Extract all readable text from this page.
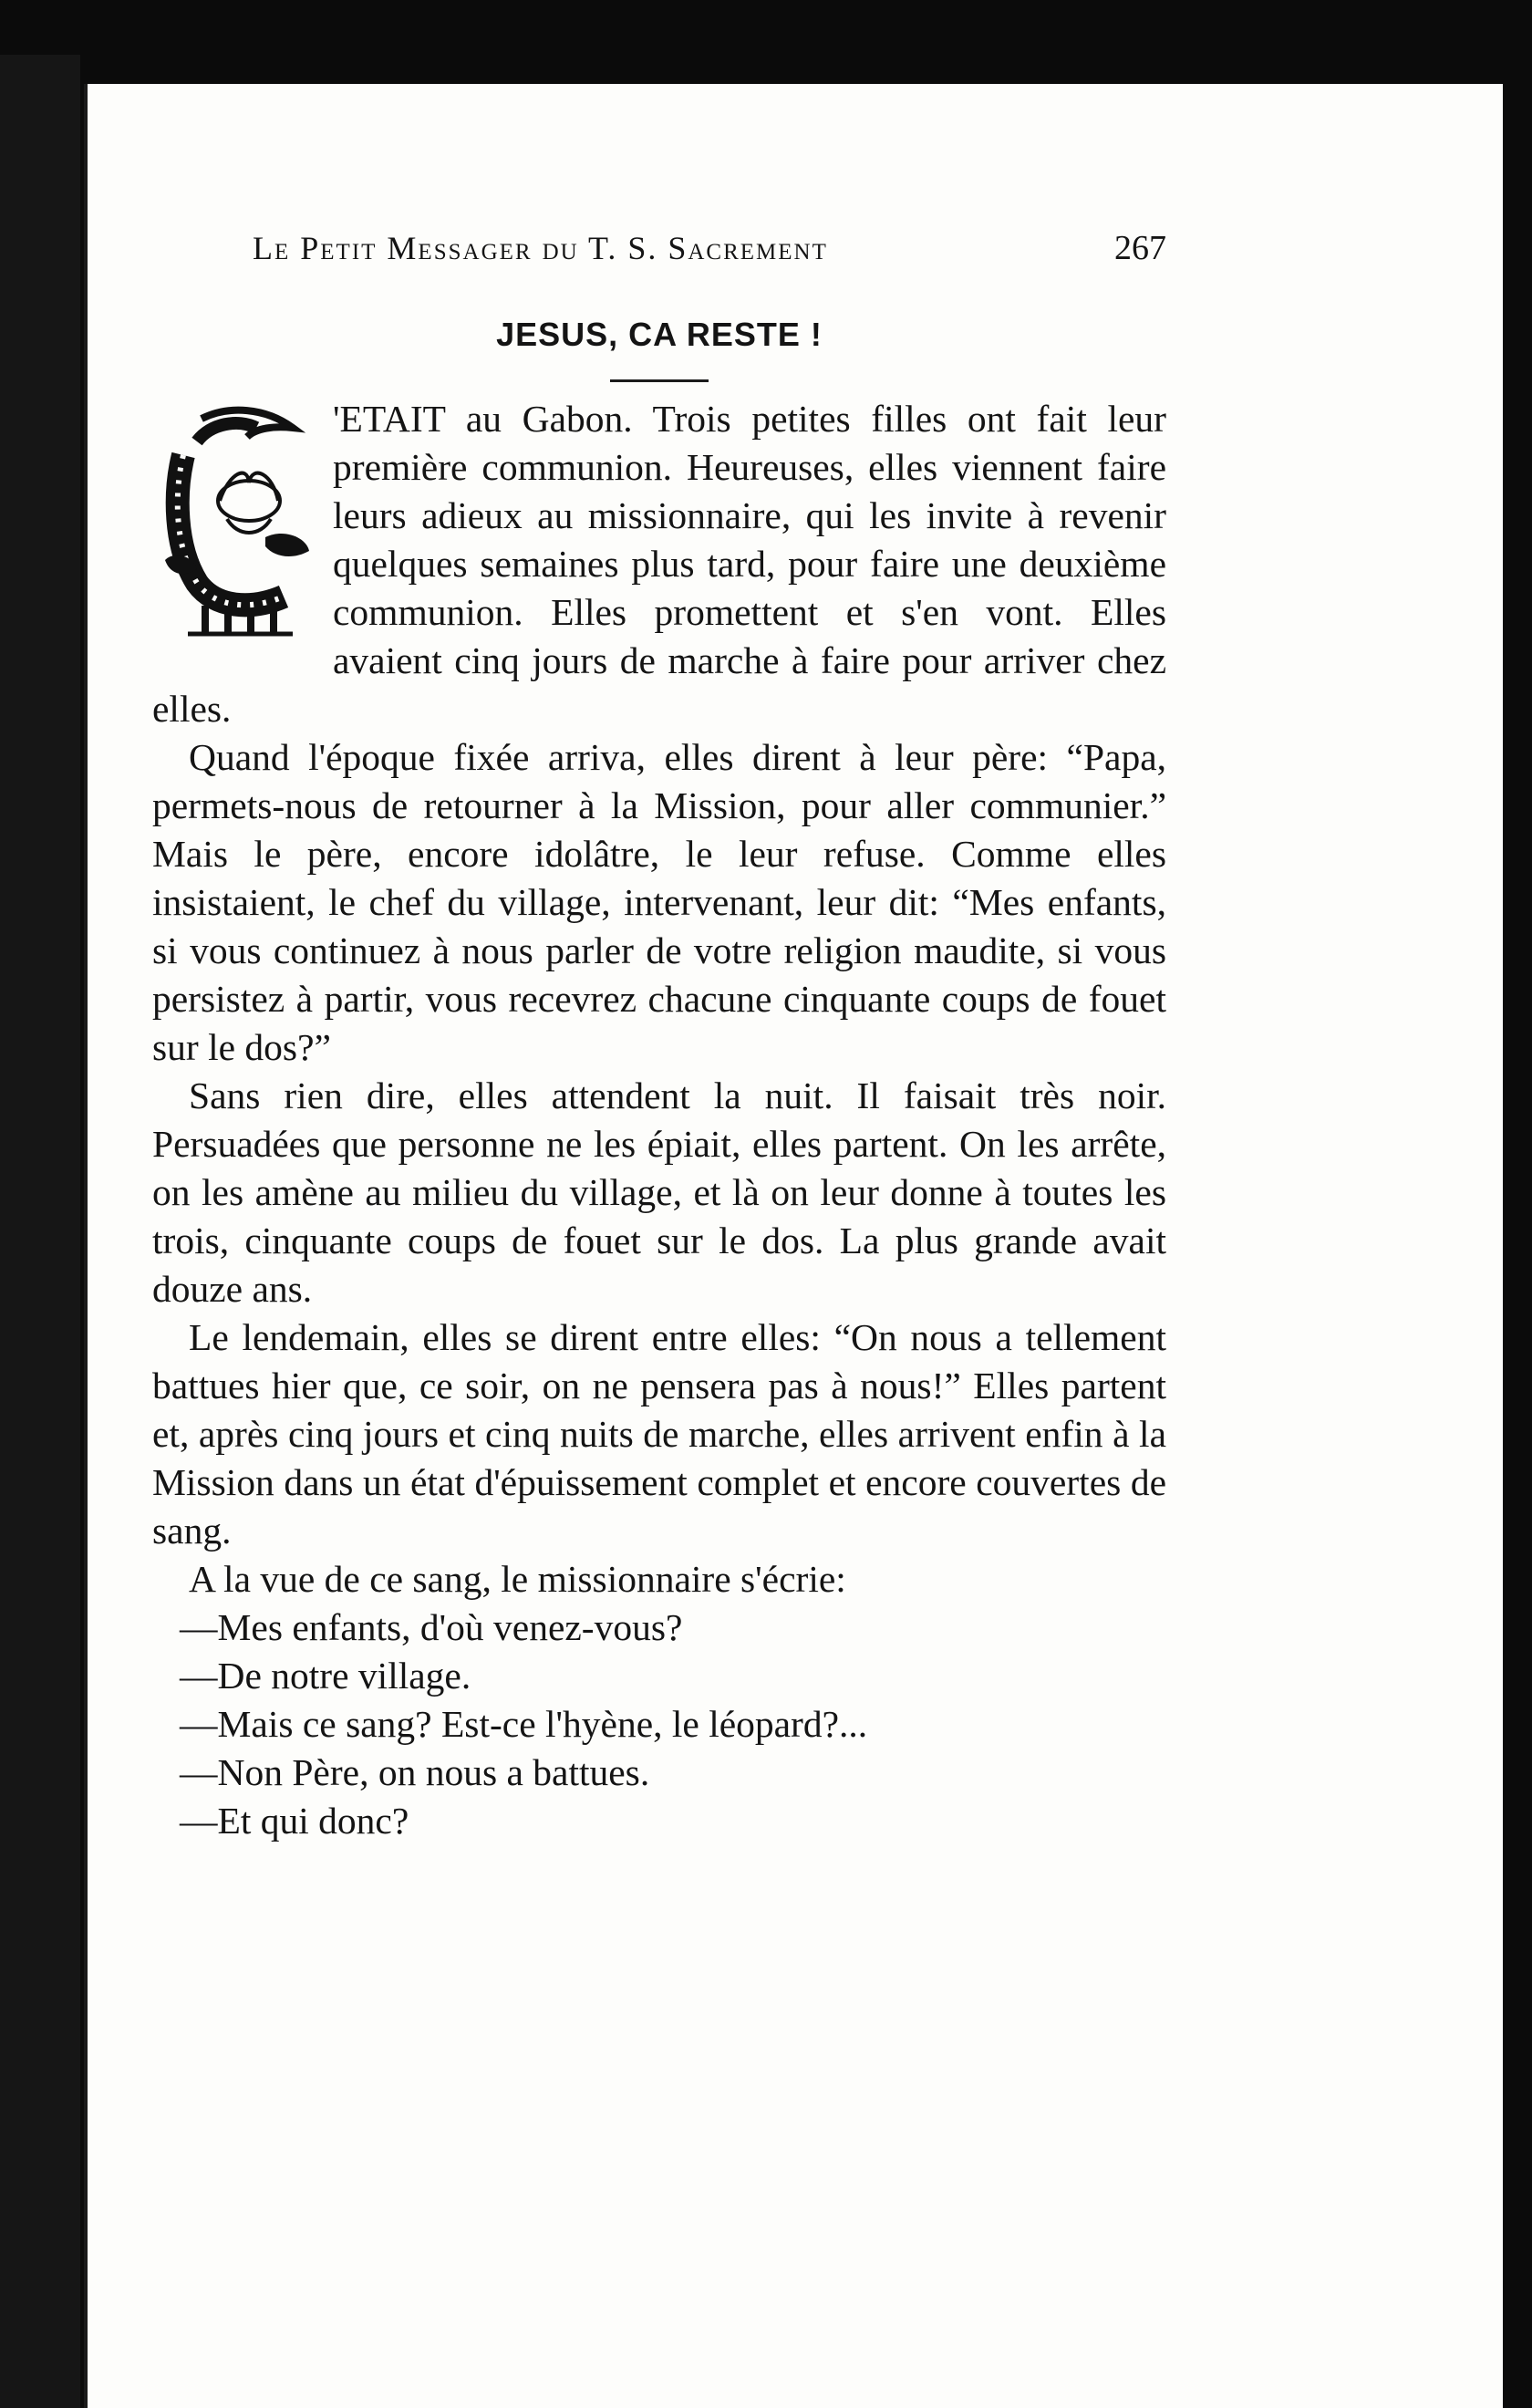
Le Petit Messager du T. S. Sacrement	267
JESUS, CA RESTE !
C	'ETAIT au Gabon. Trois petites filles ont fait leur première communion. Heureuses, elles viennent faire leurs adieux au missionnaire, qui les invite à revenir quelques semaines plus tard, pour faire une deuxième communion. Elles promettent et s'en vont. Elles avaient cinq jours de marche à faire pour arriver chez elles.

Quand l'époque fixée arriva, elles dirent à leur père: “Papa, permets-nous de retourner à la Mission, pour aller communier.” Mais le père, encore idolâtre, le leur refuse. Comme elles insistaient, le chef du village, intervenant, leur dit: “Mes enfants, si vous continuez à nous parler de votre religion maudite, si vous persistez à partir, vous recevrez chacune cinquante coups de fouet sur le dos?”

Sans rien dire, elles attendent la nuit. Il faisait très noir. Persuadées que personne ne les épiait, elles partent. On les arrête, on les amène au milieu du village, et là on leur donne à toutes les trois, cinquante coups de fouet sur le dos. La plus grande avait douze ans.

Le lendemain, elles se dirent entre elles: “On nous a tellement battues hier que, ce soir, on ne pensera pas à nous!” Elles partent et, après cinq jours et cinq nuits de marche, elles arrivent enfin à la Mission dans un état d'épuissement complet et encore couvertes de sang.

A la vue de ce sang, le missionnaire s'écrie:

—Mes enfants, d'où venez-vous?

—De notre village.

—Mais ce sang? Est-ce l'hyène, le léopard?...

—Non Père, on nous a battues.

—Et qui donc?
